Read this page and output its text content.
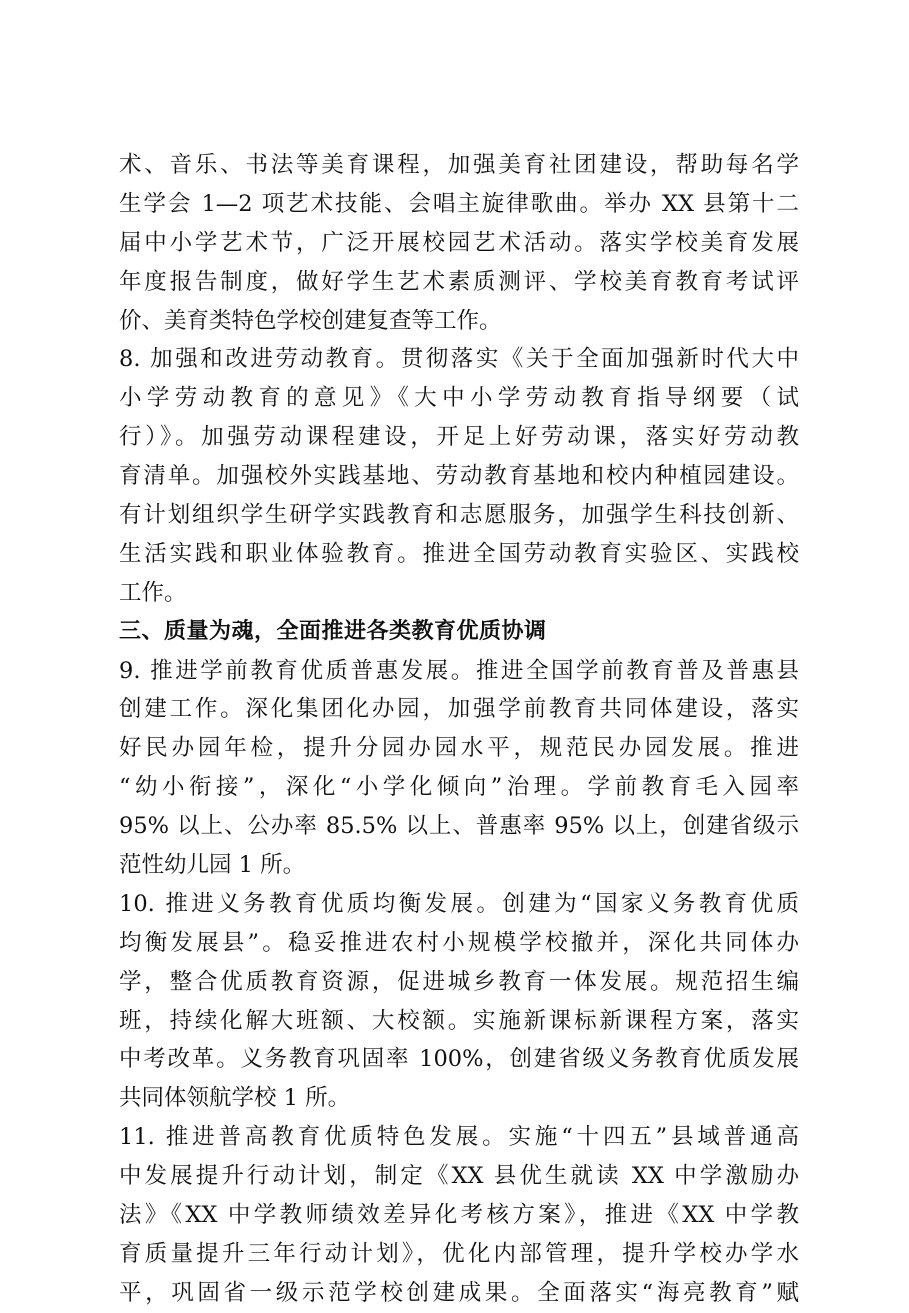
术、音乐、书法等美育课程，加强美育社团建设，帮助每名学
生学会 1—2 项艺术技能、会唱主旋律歌曲。举办 XX 县第十二
届中小学艺术节，广泛开展校园艺术活动。落实学校美育发展
年度报告制度，做好学生艺术素质测评、学校美育教育考试评
价、美育类特色学校创建复查等工作。
8. 加强和改进劳动教育。贯彻落实《关于全面加强新时代大中
小学劳动教育的意见》《大中小学劳动教育指导纲要（试
行）》。加强劳动课程建设，开足上好劳动课，落实好劳动教
育清单。加强校外实践基地、劳动教育基地和校内种植园建设。
有计划组织学生研学实践教育和志愿服务，加强学生科技创新、
生活实践和职业体验教育。推进全国劳动教育实验区、实践校
工作。
三、质量为魂，全面推进各类教育优质协调
9. 推进学前教育优质普惠发展。推进全国学前教育普及普惠县
创建工作。深化集团化办园，加强学前教育共同体建设，落实
好民办园年检，提升分园办园水平，规范民办园发展。推进
“幼小衔接”，深化“小学化倾向”治理。学前教育毛入园率
95% 以上、公办率 85.5% 以上、普惠率 95% 以上，创建省级示
范性幼儿园 1 所。
10. 推进义务教育优质均衡发展。创建为“国家义务教育优质
均衡发展县”。稳妥推进农村小规模学校撤并，深化共同体办
学，整合优质教育资源，促进城乡教育一体发展。规范招生编
班，持续化解大班额、大校额。实施新课标新课程方案，落实
中考改革。义务教育巩固率 100%，创建省级义务教育优质发展
共同体领航学校 1 所。
11. 推进普高教育优质特色发展。实施“十四五”县域普通高
中发展提升行动计划，制定《XX 县优生就读 XX 中学激励办
法》《XX 中学教师绩效差异化考核方案》，推进《XX 中学教
育质量提升三年行动计划》，优化内部管理，提升学校办学水
平，巩固省一级示范学校创建成果。全面落实“海亮教育”赋
